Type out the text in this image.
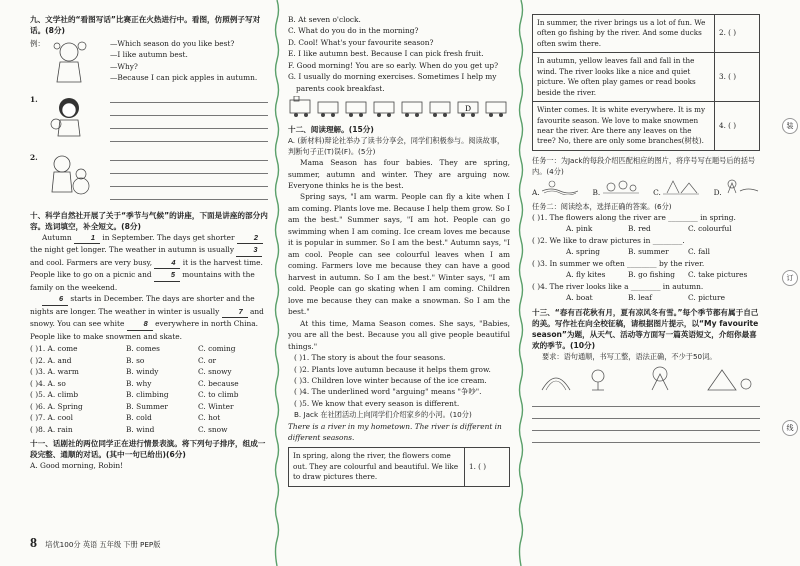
九、文学社的“看图写话”比赛正在火热进行中。看图，仿照例子写对话。(8分)

例：	—Which season do you like best?

—I like autumn best.

—Why?

—Because I can pick apples in autumn.

1.
2.

十、科学自然社开展了关于“季节与气候”的讲座，下面是讲座的部分内容。选词填空，补全短文。(8分)

Autumn	1 in September. The days get shorter	2 the night get longer. The weather in autumn is usually	3 and cool. Farmers are very busy,	4 it is the harvest time. People like to go on a picnic and	5 mountains with the family on the weekend.

6 starts in December. The days are shorter and the nights are longer. The weather in winter is usually	7 and snowy. You can see white	8 everywhere in north China. People like to make snowmen and skate.

( )1. A. come	B. comes	C. coming
( )2. A. and	B. so	C. or
( )3. A. warm	B. windy	C. snowy
( )4. A. so	B. why	C. because
( )5. A. climb	B. climbing	C. to climb
( )6. A. Spring	B. Summer	C. Winter
( )7. A. cool	B. cold	C. hot
( )8. A. rain	B. wind	C. snow

十一、话剧社的两位同学正在进行情景表演。将下列句子排序，组成一段完整、通顺的对话。(其中一句已给出)(6分)

A. Good morning, Robin!

B. At seven o'clock.

C. What do you do in the morning?

D. Cool! What's your favourite season?

E. I like autumn best. Because I can pick fresh fruit.

F. Good morning! You are so early. When do you get up?

G. I usually do morning exercises. Sometimes I help my parents cook breakfast.

D

十二、阅读理解。(15分)

A. (新材料)辩论社举办了读书分享会，同学们积极参与。阅读故事，判断句子正(T)误(F)。(5分)

Mama Season has four babies. They are spring, summer, autumn and winter. They are arguing now. Everyone thinks he is the best.

Spring says, "I am warm. People can fly a kite when I am coming. Plants love me. Because I help them grow. So I am the best." Summer says, "I am hot. People can go swimming when I am coming. Ice cream loves me because it is popular in summer. So I am the best." Autumn says, "I am cool. People can see colourful leaves when I am coming. Farmers love me because they can have a good harvest in autumn. So I am the best." Winter says, "I am cold. People can go skating when I am coming. Children love me because they can make a snowman. So I am the best."

At this time, Mama Season comes. She says, "Babies, you are all the best. Because you all give people beautiful things."

( )1. The story is about the four seasons.

( )2. Plants love autumn because it helps them grow.

( )3. Children love winter because of the ice cream.

( )4. The underlined word "arguing" means "争吵".

( )5. We know that every season is different.

B. Jack 在社团活动上向同学们介绍家乡的小河。(10分)

There is a river in my hometown. The river is different in different seasons.

In spring, along the river, the flowers come out. They are colourful and beautiful. We like to draw pictures there.	1. ( )
In summer, the river brings us a lot of fun. We often go fishing by the river. And some ducks often swim there.	2. ( )
In autumn, yellow leaves fall and fall in the wind. The river looks like a nice and quiet picture. We often play games or read books beside the river.	3. ( )
Winter comes. It is white everywhere. It is my favourite season. We love to make snowmen near the river. Are there any leaves on the tree? No, there are only some branches(树枝).	4. ( )

任务一：为Jack的每段介绍匹配相应的图片，将序号写在题号后的括号内。(4分)

A.	B.	C.	D.

任务二：阅读绘本，选择正确的答案。(6分)

( )1. The flowers along the river are ________ in spring.

A. pink	B. red	C. colourful

( )2. We like to draw pictures in ________.

A. spring	B. summer	C. fall

( )3. In summer we often ________ by the river.

A. fly kites	B. go fishing	C. take pictures

( )4. The river looks like a ________ in autumn.

A. boat	B. leaf	C. picture

十三、“春有百花秋有月，夏有凉风冬有雪。”每个季节都有属于自己的美。写作社在向全校征稿，请根据图片提示，以“My favourite season”为题，从天气、活动等方面写一篇英语短文，介绍你最喜欢的季节。(10分)

要求：语句通顺，书写工整，语法正确，不少于50词。

装
订
线
8 培优100分 英语 五年级 下册 PEP版
